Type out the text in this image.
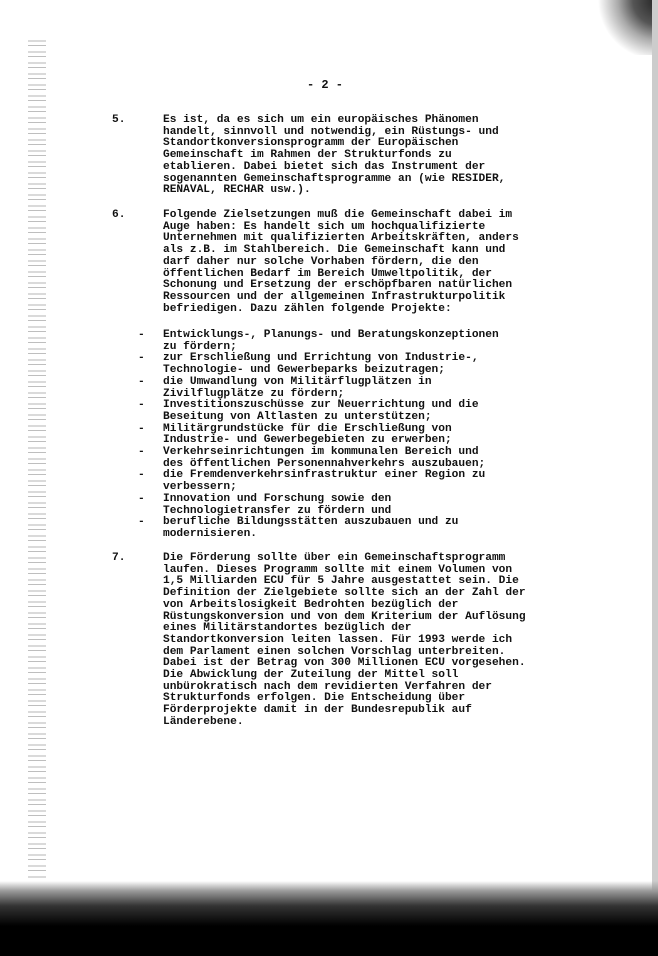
- 2 -

5.

	Es ist, da es sich um ein europäisches Phänomen
handelt, sinnvoll und notwendig, ein Rüstungs- und
Standortkonversionsprogramm der Europäischen
Gemeinschaft im Rahmen der Strukturfonds zu
etablieren. Dabei bietet sich das Instrument der
sogenannten Gemeinschaftsprogramme an (wie RESIDER,
RENAVAL, RECHAR usw.).

6.

	Folgende Zielsetzungen muß die Gemeinschaft dabei im
Auge haben: Es handelt sich um hochqualifizierte
Unternehmen mit qualifizierten Arbeitskräften, anders
als z.B. im Stahlbereich. Die Gemeinschaft kann und
darf daher nur solche Vorhaben fördern, die den
öffentlichen Bedarf im Bereich Umweltpolitik, der
Schonung und Ersetzung der erschöpfbaren natürlichen
Ressourcen und der allgemeinen Infrastrukturpolitik
befriedigen. Dazu zählen folgende Projekte:

- Entwicklungs-, Planungs- und Beratungskonzeptionen
zu fördern;
- zur Erschließung und Errichtung von Industrie-,
Technologie- und Gewerbeparks beizutragen;
- die Umwandlung von Militärflugplätzen in
Zivilflugplätze zu fördern;
- Investitionszuschüsse zur Neuerrichtung und die
Beseitung von Altlasten zu unterstützen;
- Militärgrundstücke für die Erschließung von
Industrie- und Gewerbegebieten zu erwerben;
- Verkehrseinrichtungen im kommunalen Bereich und
des öffentlichen Personennahverkehrs auszubauen;
- die Fremdenverkehrsinfrastruktur einer Region zu
verbessern;
- Innovation und Forschung sowie den
Technologietransfer zu fördern und
- berufliche Bildungsstätten auszubauen und zu
modernisieren.

7.

	Die Förderung sollte über ein Gemeinschaftsprogramm
laufen. Dieses Programm sollte mit einem Volumen von
1,5 Milliarden ECU für 5 Jahre ausgestattet sein. Die
Definition der Zielgebiete sollte sich an der Zahl der
von Arbeitslosigkeit Bedrohten bezüglich der
Rüstungskonversion und von dem Kriterium der Auflösung
eines Militärstandortes bezüglich der
Standortkonversion leiten lassen. Für 1993 werde ich
dem Parlament einen solchen Vorschlag unterbreiten.
Dabei ist der Betrag von 300 Millionen ECU vorgesehen.
Die Abwicklung der Zuteilung der Mittel soll
unbürokratisch nach dem revidierten Verfahren der
Strukturfonds erfolgen. Die Entscheidung über
Förderprojekte damit in der Bundesrepublik auf
Länderebene.
